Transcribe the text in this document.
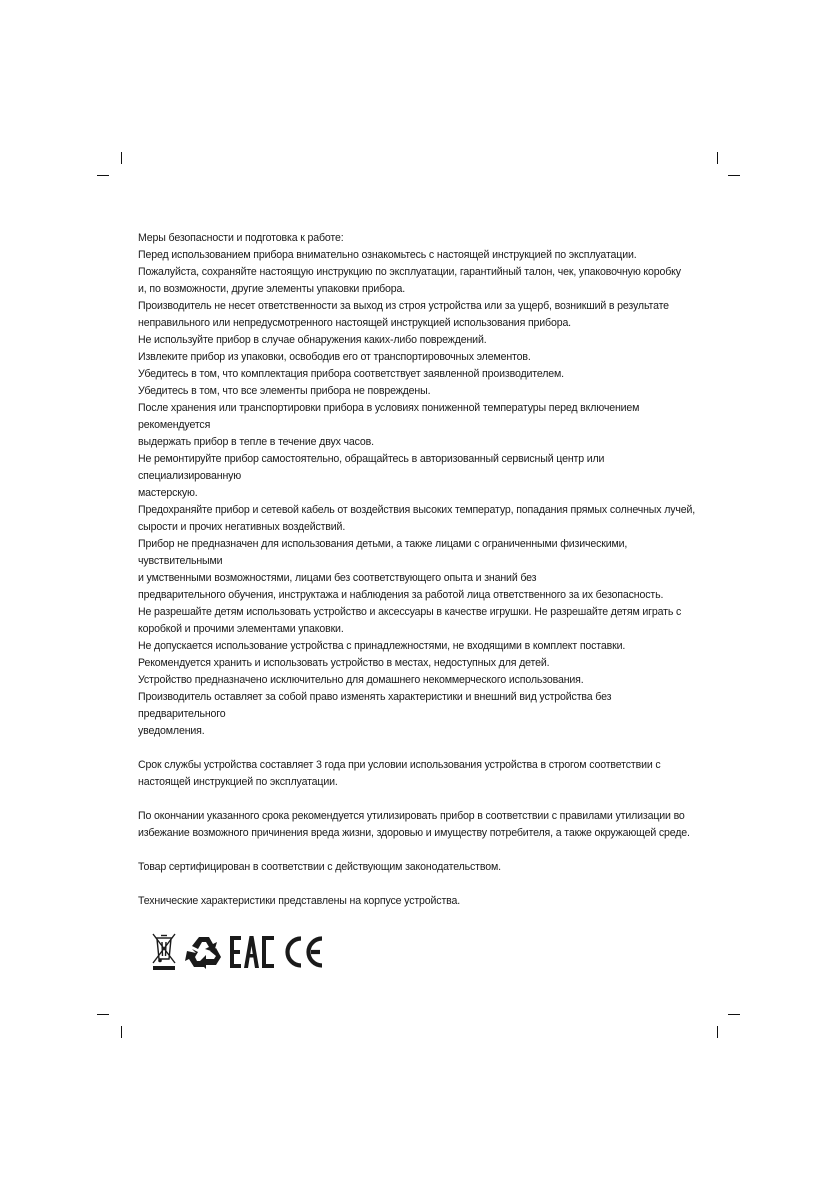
Меры безопасности и подготовка к работе:

Перед использованием прибора внимательно ознакомьтесь с настоящей инструкцией по эксплуатации.

Пожалуйста, сохраняйте настоящую инструкцию по эксплуатации, гарантийный талон, чек, упаковочную коробку

и, по возможности, другие элементы упаковки прибора.

Производитель не несет ответственности за выход из строя устройства или за ущерб, возникший в результате

неправильного или непредусмотренного настоящей инструкцией использования прибора.

Не используйте прибор в случае обнаружения каких-либо повреждений.

Извлеките прибор из упаковки, освободив его от транспортировочных элементов.

Убедитесь в том, что комплектация прибора соответствует заявленной производителем.

Убедитесь в том, что все элементы прибора не повреждены.

После хранения или транспортировки прибора в условиях пониженной температуры перед включением рекомендуется

выдержать прибор в тепле в течение двух часов.

Не ремонтируйте прибор самостоятельно, обращайтесь в авторизованный сервисный центр или специализированную

мастерскую.

Предохраняйте прибор и сетевой кабель от воздействия высоких температур, попадания прямых солнечных лучей,

сырости и прочих негативных воздействий.

Прибор не предназначен для использования детьми, а также лицами с ограниченными физическими, чувствительными

и умственными возможностями, лицами без соответствующего опыта и знаний без

предварительного обучения, инструктажа и наблюдения за работой лица ответственного за их безопасность.

Не разрешайте детям использовать устройство и аксессуары в качестве игрушки. Не разрешайте детям играть с

коробкой и прочими элементами упаковки.

Не допускается использование устройства с принадлежностями, не входящими в комплект поставки.

Рекомендуется хранить и использовать устройство в местах, недоступных для детей.

Устройство предназначено исключительно для домашнего некоммерческого использования.

Производитель оставляет за собой право изменять характеристики и внешний вид устройства без предварительного

уведомления.

Срок службы устройства составляет 3 года при условии использования устройства в строгом соответствии с

настоящей инструкцией по эксплуатации.

По окончании указанного срока рекомендуется утилизировать прибор в соответствии с правилами утилизации во

избежание возможного причинения вреда жизни, здоровью и имуществу потребителя, а также окружающей среде.

Товар сертифицирован в соответствии с действующим законодательством.

Технические характеристики представлены на корпусе устройства.
